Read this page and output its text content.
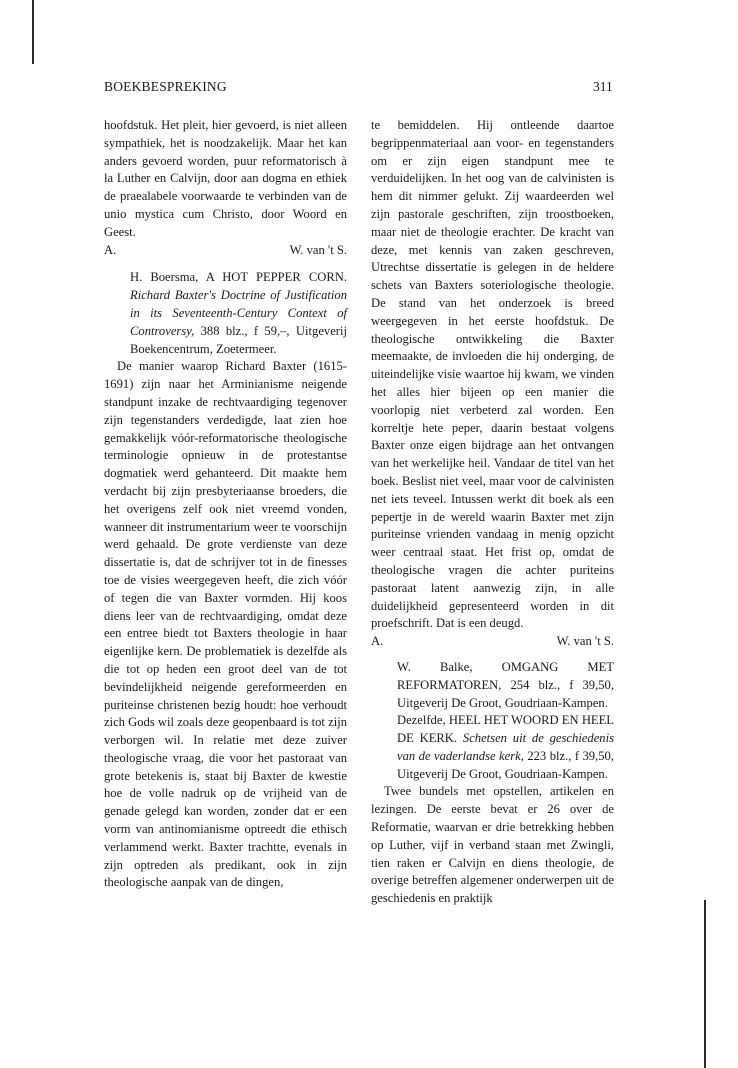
BOEKBESPREKING	311

hoofdstuk. Het pleit, hier gevoerd, is niet alleen sympathiek, het is noodzakelijk. Maar het kan anders gevoerd worden, puur reformatorisch à la Luther en Calvijn, door aan dogma en ethiek de praealabele voorwaarde te verbinden van de unio mystica cum Christo, door Woord en Geest.

A.	W. van 't S.
H. Boersma, A HOT PEPPER CORN. Richard Baxter's Doctrine of Justification in its Seventeenth-Century Context of Controversy, 388 blz., f 59,–, Uitgeverij Boekencentrum, Zoetermeer.

De manier waarop Richard Baxter (1615-1691) zijn naar het Arminianisme neigende standpunt inzake de rechtvaardiging tegenover zijn tegenstanders verdedigde, laat zien hoe gemakkelijk vóór-reformatorische theologische terminologie opnieuw in de protestantse dogmatiek werd gehanteerd. Dit maakte hem verdacht bij zijn presbyteriaanse broeders, die het overigens zelf ook niet vreemd vonden, wanneer dit instrumentarium weer te voorschijn werd gehaald. De grote verdienste van deze dissertatie is, dat de schrijver tot in de finesses toe de visies weergegeven heeft, die zich vóór of tegen die van Baxter vormden. Hij koos diens leer van de rechtvaardiging, omdat deze een entree biedt tot Baxters theologie in haar eigenlijke kern. De problematiek is dezelfde als die tot op heden een groot deel van de tot bevindelijkheid neigende gereformeerden en puriteinse christenen bezig houdt: hoe verhoudt zich Gods wil zoals deze geopenbaard is tot zijn verborgen wil. In relatie met deze zuiver theologische vraag, die voor het pastoraat van grote betekenis is, staat bij Baxter de kwestie hoe de volle nadruk op de vrijheid van de genade gelegd kan worden, zonder dat er een vorm van antinomianisme optreedt die ethisch verlammend werkt. Baxter trachtte, evenals in zijn optreden als predikant, ook in zijn theologische aanpak van de dingen,

te bemiddelen. Hij ontleende daartoe begrippenmateriaal aan voor- en tegenstanders om er zijn eigen standpunt mee te verduidelijken. In het oog van de calvinisten is hem dit nimmer gelukt. Zij waardeerden wel zijn pastorale geschriften, zijn troostboeken, maar niet de theologie erachter. De kracht van deze, met kennis van zaken geschreven, Utrechtse dissertatie is gelegen in de heldere schets van Baxters soteriologische theologie. De stand van het onderzoek is breed weergegeven in het eerste hoofdstuk. De theologische ontwikkeling die Baxter meemaakte, de invloeden die hij onderging, de uiteindelijke visie waartoe hij kwam, we vinden het alles hier bijeen op een manier die voorlopig niet verbeterd zal worden. Een korreltje hete peper, daarin bestaat volgens Baxter onze eigen bijdrage aan het ontvangen van het werkelijke heil. Vandaar de titel van het boek. Beslist niet veel, maar voor de calvinisten net iets teveel. Intussen werkt dit boek als een pepertje in de wereld waarin Baxter met zijn puriteinse vrienden vandaag in menig opzicht weer centraal staat. Het frist op, omdat de theologische vragen die achter puriteins pastoraat latent aanwezig zijn, in alle duidelijkheid gepresenteerd worden in dit proefschrift. Dat is een deugd.

A.	W. van 't S.
W. Balke, OMGANG MET REFORMATOREN, 254 blz., f 39,50, Uitgeverij De Groot, Goudriaan-Kampen.
Dezelfde, HEEL HET WOORD EN HEEL DE KERK. Schetsen uit de geschiedenis van de vaderlandse kerk, 223 blz., f 39,50, Uitgeverij De Groot, Goudriaan-Kampen.

Twee bundels met opstellen, artikelen en lezingen. De eerste bevat er 26 over de Reformatie, waarvan er drie betrekking hebben op Luther, vijf in verband staan met Zwingli, tien raken er Calvijn en diens theologie, de overige betreffen algemener onderwerpen uit de geschiedenis en praktijk
